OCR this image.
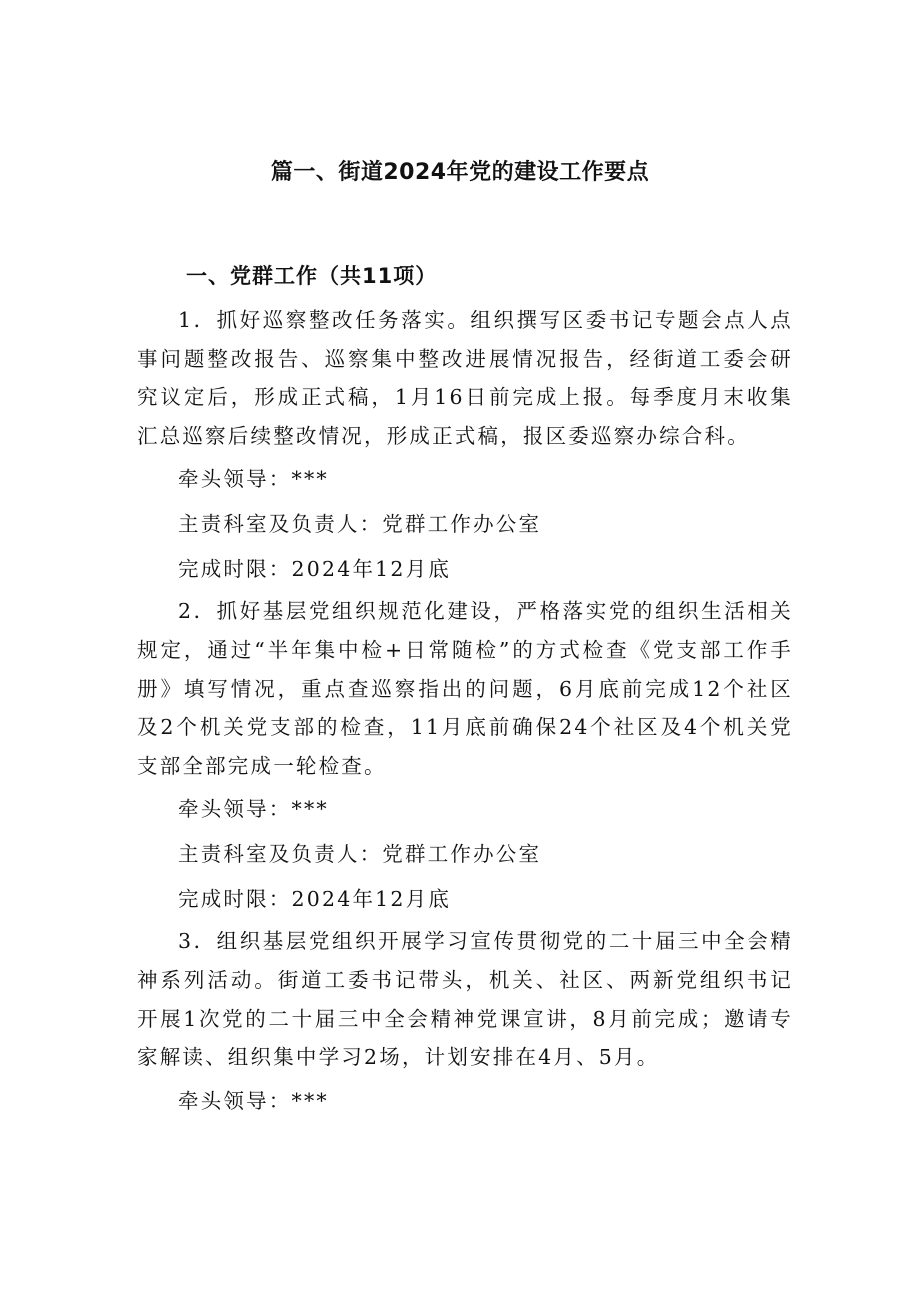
篇一、街道2024年党的建设工作要点
一、党群工作（共11项）

1．抓好巡察整改任务落实。组织撰写区委书记专题会点人点事问题整改报告、巡察集中整改进展情况报告，经街道工委会研究议定后，形成正式稿，1月16日前完成上报。每季度月末收集汇总巡察后续整改情况，形成正式稿，报区委巡察办综合科。

牵头领导：***

主责科室及负责人：党群工作办公室

完成时限：2024年12月底

2．抓好基层党组织规范化建设，严格落实党的组织生活相关规定，通过“半年集中检+日常随检”的方式检查《党支部工作手册》填写情况，重点查巡察指出的问题，6月底前完成12个社区及2个机关党支部的检查，11月底前确保24个社区及4个机关党支部全部完成一轮检查。

牵头领导：***

主责科室及负责人：党群工作办公室

完成时限：2024年12月底

3．组织基层党组织开展学习宣传贯彻党的二十届三中全会精神系列活动。街道工委书记带头，机关、社区、两新党组织书记开展1次党的二十届三中全会精神党课宣讲，8月前完成；邀请专家解读、组织集中学习2场，计划安排在4月、5月。

牵头领导：***
